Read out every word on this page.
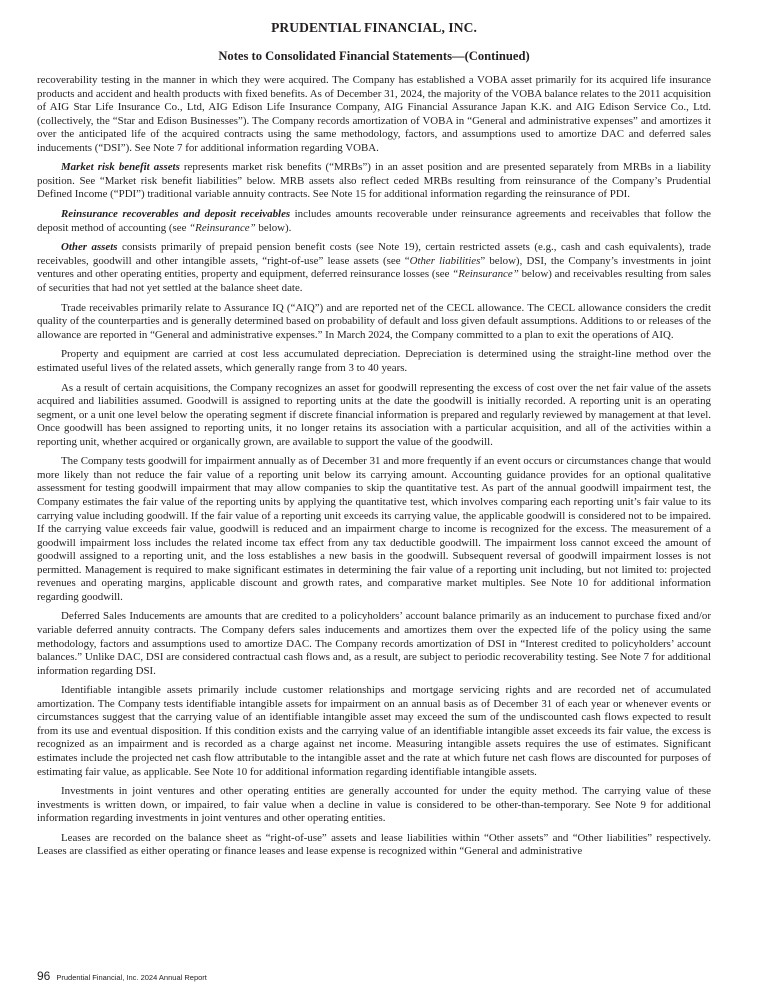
PRUDENTIAL FINANCIAL, INC.
Notes to Consolidated Financial Statements—(Continued)

recoverability testing in the manner in which they were acquired. The Company has established a VOBA asset primarily for its acquired life insurance products and accident and health products with fixed benefits. As of December 31, 2024, the majority of the VOBA balance relates to the 2011 acquisition of AIG Star Life Insurance Co., Ltd, AIG Edison Life Insurance Company, AIG Financial Assurance Japan K.K. and AIG Edison Service Co., Ltd. (collectively, the “Star and Edison Businesses”). The Company records amortization of VOBA in “General and administrative expenses” and amortizes it over the anticipated life of the acquired contracts using the same methodology, factors, and assumptions used to amortize DAC and deferred sales inducements (“DSI”). See Note 7 for additional information regarding VOBA.

Market risk benefit assets represents market risk benefits (“MRBs”) in an asset position and are presented separately from MRBs in a liability position. See “Market risk benefit liabilities” below. MRB assets also reflect ceded MRBs resulting from reinsurance of the Company’s Prudential Defined Income (“PDI”) traditional variable annuity contracts. See Note 15 for additional information regarding the reinsurance of PDI.

Reinsurance recoverables and deposit receivables includes amounts recoverable under reinsurance agreements and receivables that follow the deposit method of accounting (see “Reinsurance” below).

Other assets consists primarily of prepaid pension benefit costs (see Note 19), certain restricted assets (e.g., cash and cash equivalents), trade receivables, goodwill and other intangible assets, “right-of-use” lease assets (see “Other liabilities” below), DSI, the Company’s investments in joint ventures and other operating entities, property and equipment, deferred reinsurance losses (see “Reinsurance” below) and receivables resulting from sales of securities that had not yet settled at the balance sheet date.

Trade receivables primarily relate to Assurance IQ (“AIQ”) and are reported net of the CECL allowance. The CECL allowance considers the credit quality of the counterparties and is generally determined based on probability of default and loss given default assumptions. Additions to or releases of the allowance are reported in “General and administrative expenses.” In March 2024, the Company committed to a plan to exit the operations of AIQ.

Property and equipment are carried at cost less accumulated depreciation. Depreciation is determined using the straight-line method over the estimated useful lives of the related assets, which generally range from 3 to 40 years.

As a result of certain acquisitions, the Company recognizes an asset for goodwill representing the excess of cost over the net fair value of the assets acquired and liabilities assumed. Goodwill is assigned to reporting units at the date the goodwill is initially recorded. A reporting unit is an operating segment, or a unit one level below the operating segment if discrete financial information is prepared and regularly reviewed by management at that level. Once goodwill has been assigned to reporting units, it no longer retains its association with a particular acquisition, and all of the activities within a reporting unit, whether acquired or organically grown, are available to support the value of the goodwill.

The Company tests goodwill for impairment annually as of December 31 and more frequently if an event occurs or circumstances change that would more likely than not reduce the fair value of a reporting unit below its carrying amount. Accounting guidance provides for an optional qualitative assessment for testing goodwill impairment that may allow companies to skip the quantitative test. As part of the annual goodwill impairment test, the Company estimates the fair value of the reporting units by applying the quantitative test, which involves comparing each reporting unit’s fair value to its carrying value including goodwill. If the fair value of a reporting unit exceeds its carrying value, the applicable goodwill is considered not to be impaired. If the carrying value exceeds fair value, goodwill is reduced and an impairment charge to income is recognized for the excess. The measurement of a goodwill impairment loss includes the related income tax effect from any tax deductible goodwill. The impairment loss cannot exceed the amount of goodwill assigned to a reporting unit, and the loss establishes a new basis in the goodwill. Subsequent reversal of goodwill impairment losses is not permitted. Management is required to make significant estimates in determining the fair value of a reporting unit including, but not limited to: projected revenues and operating margins, applicable discount and growth rates, and comparative market multiples. See Note 10 for additional information regarding goodwill.

Deferred Sales Inducements are amounts that are credited to a policyholders’ account balance primarily as an inducement to purchase fixed and/or variable deferred annuity contracts. The Company defers sales inducements and amortizes them over the expected life of the policy using the same methodology, factors and assumptions used to amortize DAC. The Company records amortization of DSI in “Interest credited to policyholders’ account balances.” Unlike DAC, DSI are considered contractual cash flows and, as a result, are subject to periodic recoverability testing. See Note 7 for additional information regarding DSI.

Identifiable intangible assets primarily include customer relationships and mortgage servicing rights and are recorded net of accumulated amortization. The Company tests identifiable intangible assets for impairment on an annual basis as of December 31 of each year or whenever events or circumstances suggest that the carrying value of an identifiable intangible asset may exceed the sum of the undiscounted cash flows expected to result from its use and eventual disposition. If this condition exists and the carrying value of an identifiable intangible asset exceeds its fair value, the excess is recognized as an impairment and is recorded as a charge against net income. Measuring intangible assets requires the use of estimates. Significant estimates include the projected net cash flow attributable to the intangible asset and the rate at which future net cash flows are discounted for purposes of estimating fair value, as applicable. See Note 10 for additional information regarding identifiable intangible assets.

Investments in joint ventures and other operating entities are generally accounted for under the equity method. The carrying value of these investments is written down, or impaired, to fair value when a decline in value is considered to be other-than-temporary. See Note 9 for additional information regarding investments in joint ventures and other operating entities.

Leases are recorded on the balance sheet as “right-of-use” assets and lease liabilities within “Other assets” and “Other liabilities” respectively. Leases are classified as either operating or finance leases and lease expense is recognized within “General and administrative

96 Prudential Financial, Inc. 2024 Annual Report
